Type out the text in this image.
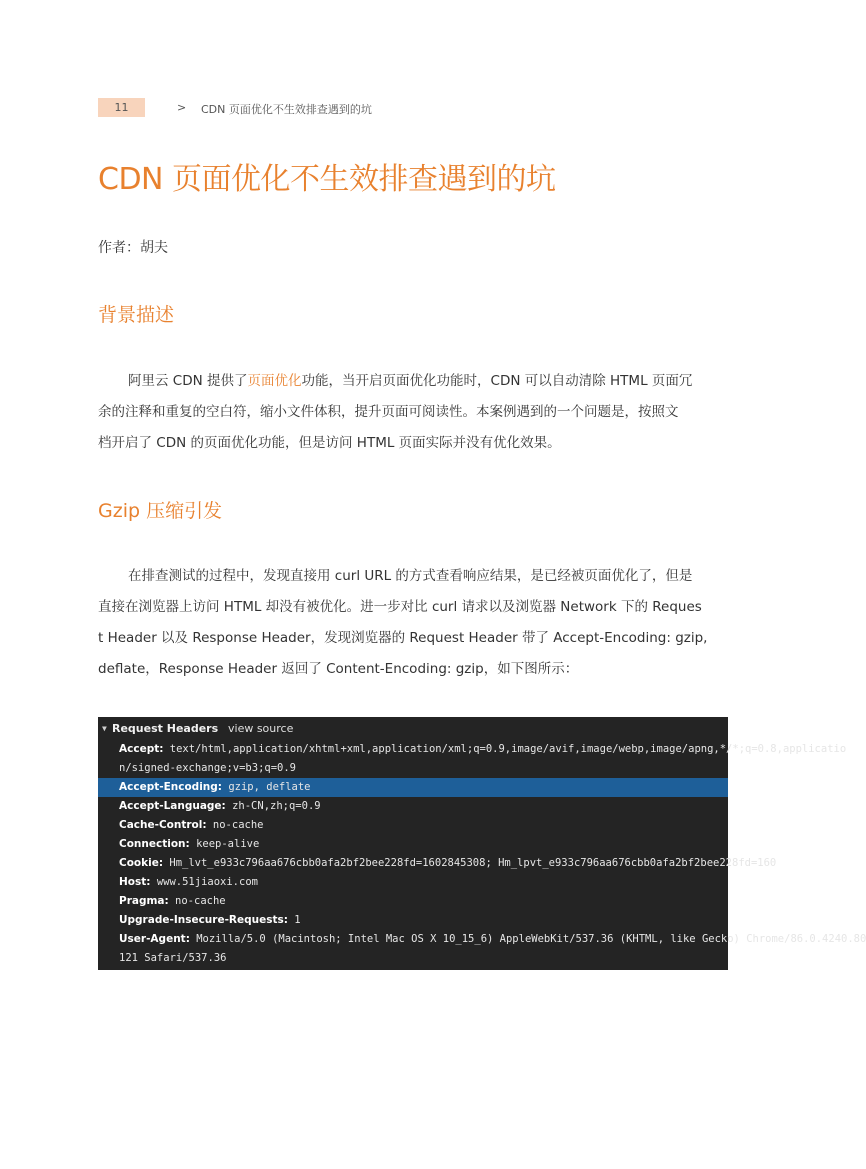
11	> CDN 页面优化不生效排查遇到的坑
CDN 页面优化不生效排查遇到的坑
作者：胡夫
背景描述
阿里云 CDN 提供了页面优化功能，当开启页面优化功能时，CDN 可以自动清除 HTML 页面冗
余的注释和重复的空白符，缩小文件体积，提升页面可阅读性。本案例遇到的一个问题是，按照文
档开启了 CDN 的页面优化功能，但是访问 HTML 页面实际并没有优化效果。
Gzip 压缩引发
在排查测试的过程中，发现直接用 curl URL 的方式查看响应结果，是已经被页面优化了，但是
直接在浏览器上访问 HTML 却没有被优化。进一步对比 curl 请求以及浏览器 Network 下的 Reques
t Header 以及 Response Header，发现浏览器的 Request Header 带了 Accept-Encoding: gzip,
deflate，Response Header 返回了 Content-Encoding: gzip，如下图所示：
▼ Request Headers view source
Accept: text/html,application/xhtml+xml,application/xml;q=0.9,image/avif,image/webp,image/apng,*/*;q=0.8,applicatio
n/signed-exchange;v=b3;q=0.9
Accept-Encoding: gzip, deflate
Accept-Language: zh-CN,zh;q=0.9
Cache-Control: no-cache
Connection: keep-alive
Cookie: Hm_lvt_e933c796aa676cbb0afa2bf2bee228fd=1602845308; Hm_lpvt_e933c796aa676cbb0afa2bf2bee228fd=160
Host: www.51jiaoxi.com
Pragma: no-cache
Upgrade-Insecure-Requests: 1
User-Agent: Mozilla/5.0 (Macintosh; Intel Mac OS X 10_15_6) AppleWebKit/537.36 (KHTML, like Gecko) Chrome/86.0.4240.80
121 Safari/537.36
